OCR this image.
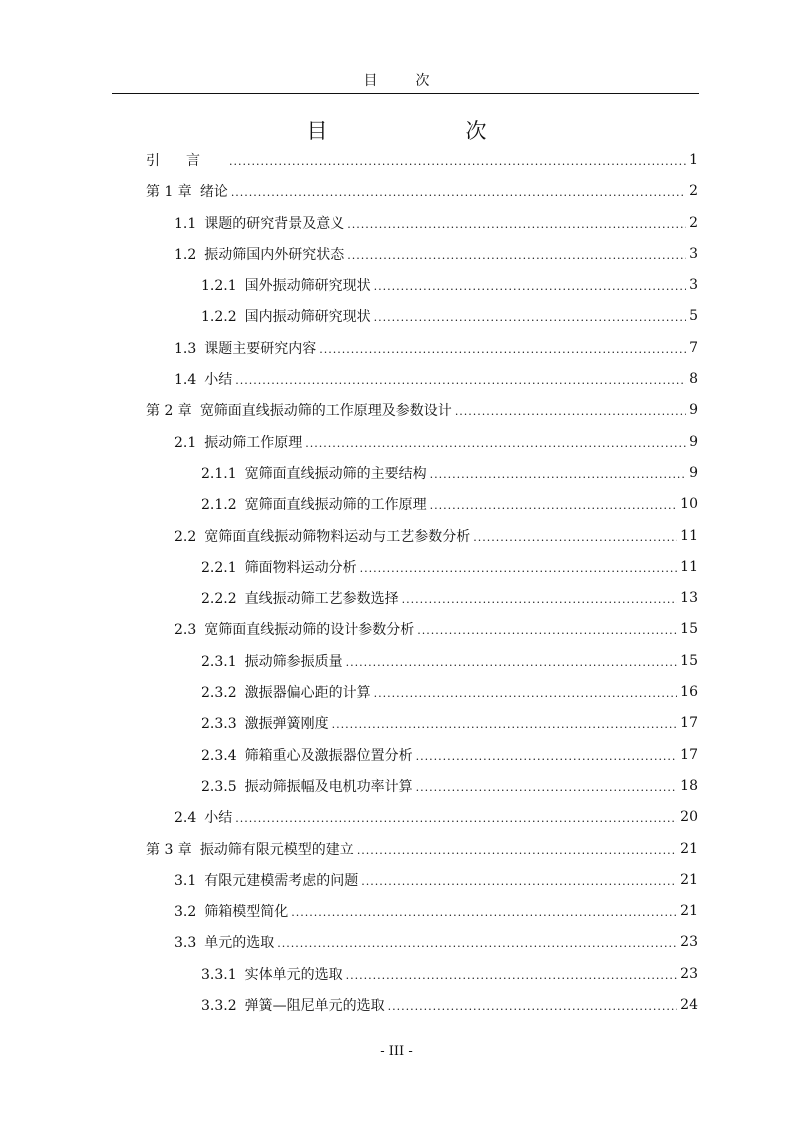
目　次
目　　次
引言 .....	1
第 1 章 绪论 .....	2
1.1 课题的研究背景及意义 .....	2
1.2 振动筛国内外研究状态 .....	3
1.2.1 国外振动筛研究现状 .....	3
1.2.2 国内振动筛研究现状 .....	5
1.3 课题主要研究内容 .....	7
1.4 小结 .....	8
第 2 章 宽筛面直线振动筛的工作原理及参数设计 .....	9
2.1 振动筛工作原理 .....	9
2.1.1 宽筛面直线振动筛的主要结构 .....	9
2.1.2 宽筛面直线振动筛的工作原理 .....	10
2.2 宽筛面直线振动筛物料运动与工艺参数分析 .....	11
2.2.1 筛面物料运动分析 .....	11
2.2.2 直线振动筛工艺参数选择 .....	13
2.3 宽筛面直线振动筛的设计参数分析 .....	15
2.3.1 振动筛参振质量 .....	15
2.3.2 激振器偏心距的计算 .....	16
2.3.3 激振弹簧刚度 .....	17
2.3.4 筛箱重心及激振器位置分析 .....	17
2.3.5 振动筛振幅及电机功率计算 .....	18
2.4 小结 .....	20
第 3 章 振动筛有限元模型的建立 .....	21
3.1 有限元建模需考虑的问题 .....	21
3.2 筛箱模型简化 .....	21
3.3 单元的选取 .....	23
3.3.1 实体单元的选取 .....	23
3.3.2 弹簧—阻尼单元的选取 .....	24
- III -
